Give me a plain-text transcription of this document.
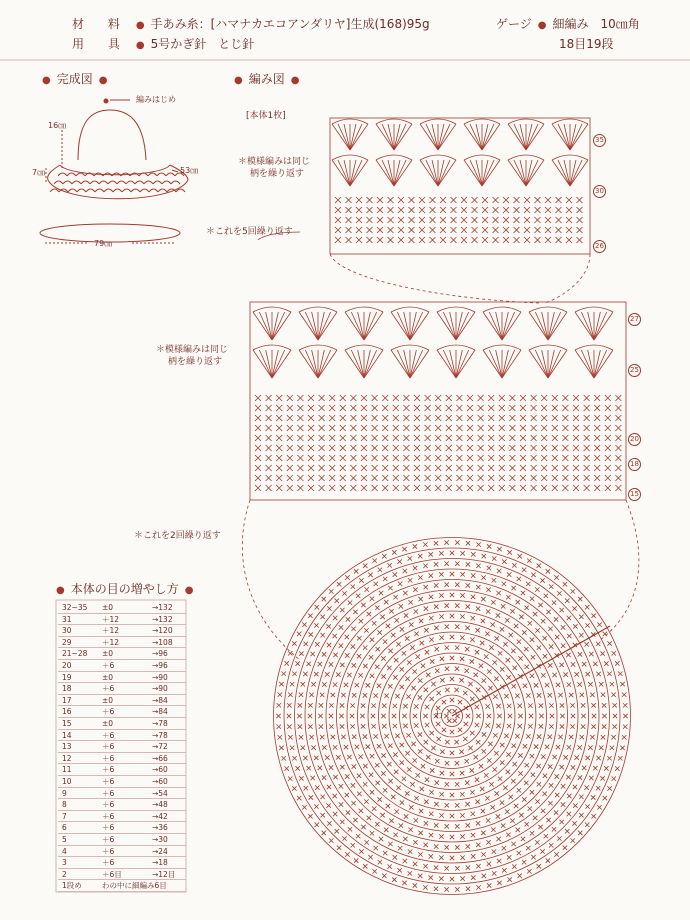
材 料 ● 手あみ糸：[ハマナカエコアンダリヤ]生成(168)95g
用 具 ● 5号かぎ針　とじ針
ゲージ ● 細編み　10㎝角
18目19段
● 完成図 ●	● 編み図 ●
● 本体の目の増やし方 ●
編みはじめ
16㎝
7㎝	53㎝
79㎝
[本体1枚]
＊模様編みは同じ
柄を繰り返す
＊これを5回繰り返す
＊模様編みは同じ
柄を繰り返す
＊これを2回繰り返す
わ
35
30
26
27
25
20
18
15
32~35 ±0	→132
31	＋12	→132
30	＋12	→120
29	＋12	→108
21~28 ±0	→96
20	＋6	→96
19	±0	→90
18	＋6	→90
17	±0	→84
16	＋6	→84
15	±0	→78
14	＋6	→78
13	＋6	→72
12	＋6	→66
11	＋6	→60
10	＋6	→60
9	＋6	→54
8	＋6	→48
7	＋6	→42
6	＋6	→36
5	＋6	→30
4	＋6	→24
3	＋6	→18
2	＋6目	→12目
1段め	わの中に細編み6目
